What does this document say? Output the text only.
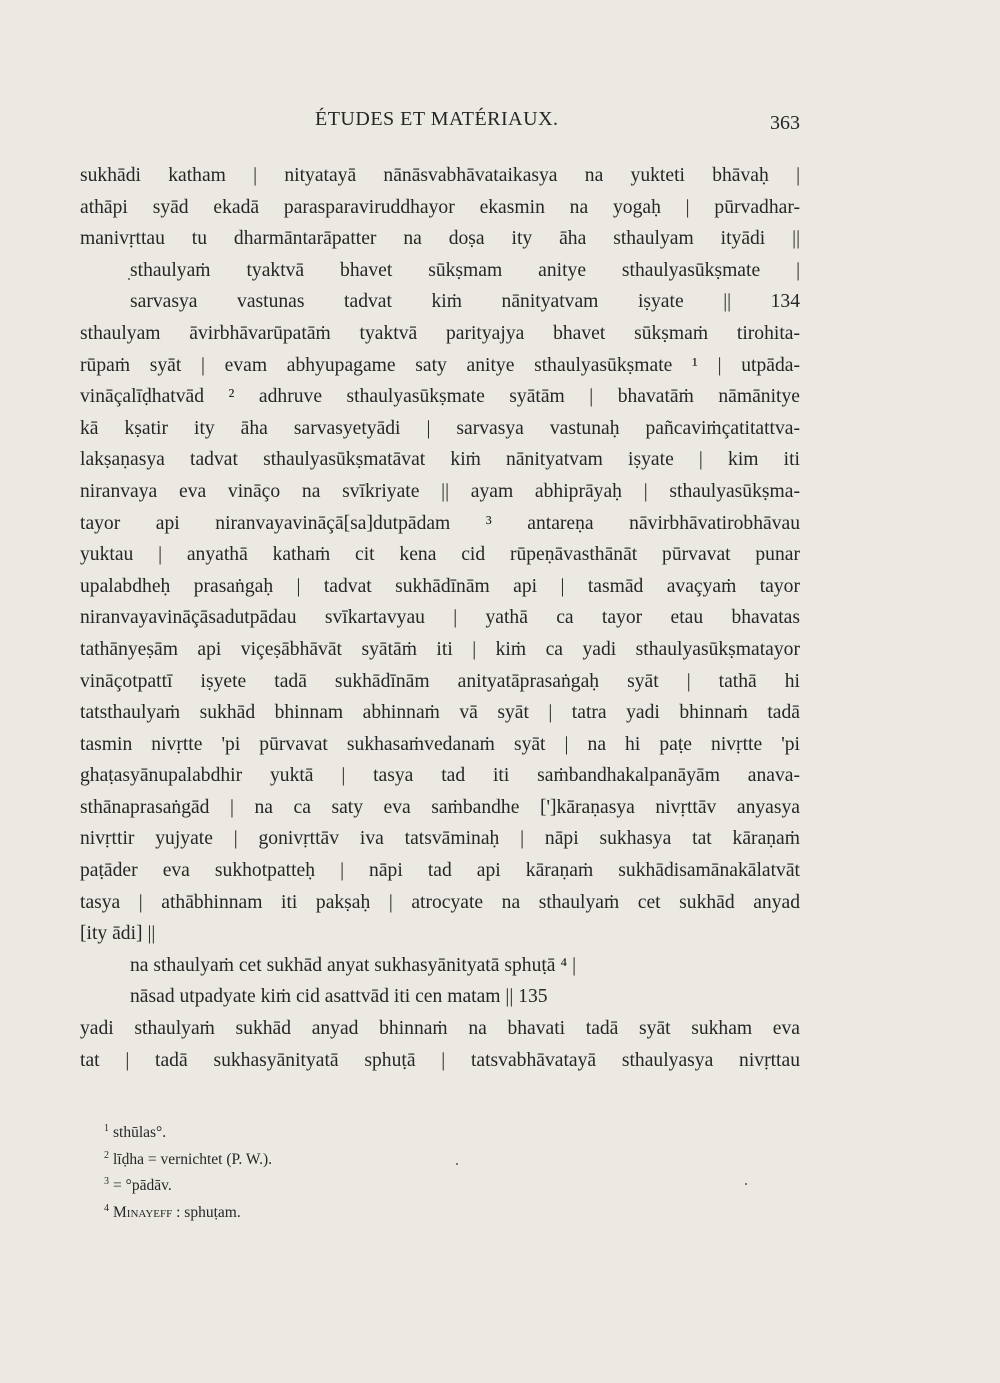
ÉTUDES ET MATÉRIAUX.	363
sukhādi katham | nityatayā nānāsvabhāvataikasya na yukteti bhāvaḥ |
athāpi syād ekadā parasparaviruddhayor ekasmin na yogaḥ | pūrvadhar-
manivṛttau tu dharmāntarāpatter na doṣa ity āha sthaulyam ityādi ||
sthaulyaṁ tyaktvā bhavet sūkṣmam anitye sthaulyasūkṣmate |
sarvasya vastunas tadvat kiṁ nānityatvam iṣyate || 134
sthaulyam āvirbhāvarūpatāṁ tyaktvā parityajya bhavet sūkṣmaṁ tirohita-
rūpaṁ syāt | evam abhyupagame saty anitye sthaulyasūkṣmate ¹ | utpāda-
vināçalīḍhatvād ² adhruve sthaulyasūkṣmate syātām | bhavatāṁ nāmānitye
kā kṣatir ity āha sarvasyetyādi | sarvasya vastunaḥ pañcaviṁçatitattva-
lakṣaṇasya tadvat sthaulyasūkṣmatāvat kiṁ nānityatvam iṣyate | kim iti
niranvaya eva vināço na svīkriyate || ayam abhiprāyaḥ | sthaulyasūkṣma-
tayor api niranvayavināçā[sa]dutpādam ³ antareṇa nāvirbhāvatirobhāvau
yuktau | anyathā kathaṁ cit kena cid rūpeṇāvasthānāt pūrvavat punar
upalabdheḥ prasaṅgaḥ | tadvat sukhādīnām api | tasmād avaçyaṁ tayor
niranvayavināçāsadutpādau svīkartavyau | yathā ca tayor etau bhavatas
tathānyeṣām api viçeṣābhāvāt syātāṁ iti | kiṁ ca yadi sthaulyasūkṣmatayor
vināçotpattī iṣyete tadā sukhādīnām anityatāprasaṅgaḥ syāt | tathā hi
tatsthaulyaṁ sukhād bhinnam abhinnaṁ vā syāt | tatra yadi bhinnaṁ tadā
tasmin nivṛtte 'pi pūrvavat sukhasaṁvedanaṁ syāt | na hi paṭe nivṛtte 'pi
ghaṭasyānupalabdhir yuktā | tasya tad iti saṁbandhakalpanāyām anava-
sthānaprasaṅgād | na ca saty eva saṁbandhe [']kāraṇasya nivṛttāv anyasya
nivṛttir yujyate | gonivṛttāv iva tatsvāminaḥ | nāpi sukhasya tat kāraṇaṁ
paṭāder eva sukhotpatteḥ | nāpi tad api kāraṇaṁ sukhādisamānakālatvāt
tasya | athābhinnam iti pakṣaḥ | atrocyate na sthaulyaṁ cet sukhād anyad
[ity ādi] ||
na sthaulyaṁ cet sukhād anyat sukhasyānityatā sphuṭā ⁴ |
nāsad utpadyate kiṁ cid asattvād iti cen matam || 135
yadi sthaulyaṁ sukhād anyad bhinnaṁ na bhavati tadā syāt sukham eva
tat | tadā sukhasyānityatā sphuṭā | tatsvabhāvatayā sthaulyasya nivṛttau
$^1$ sthūlas°.
$^2$ līḍha = vernichtet (P. W.).
$^3$ = °pādāv.
$^4$ Minayeff : sphuṭam.
